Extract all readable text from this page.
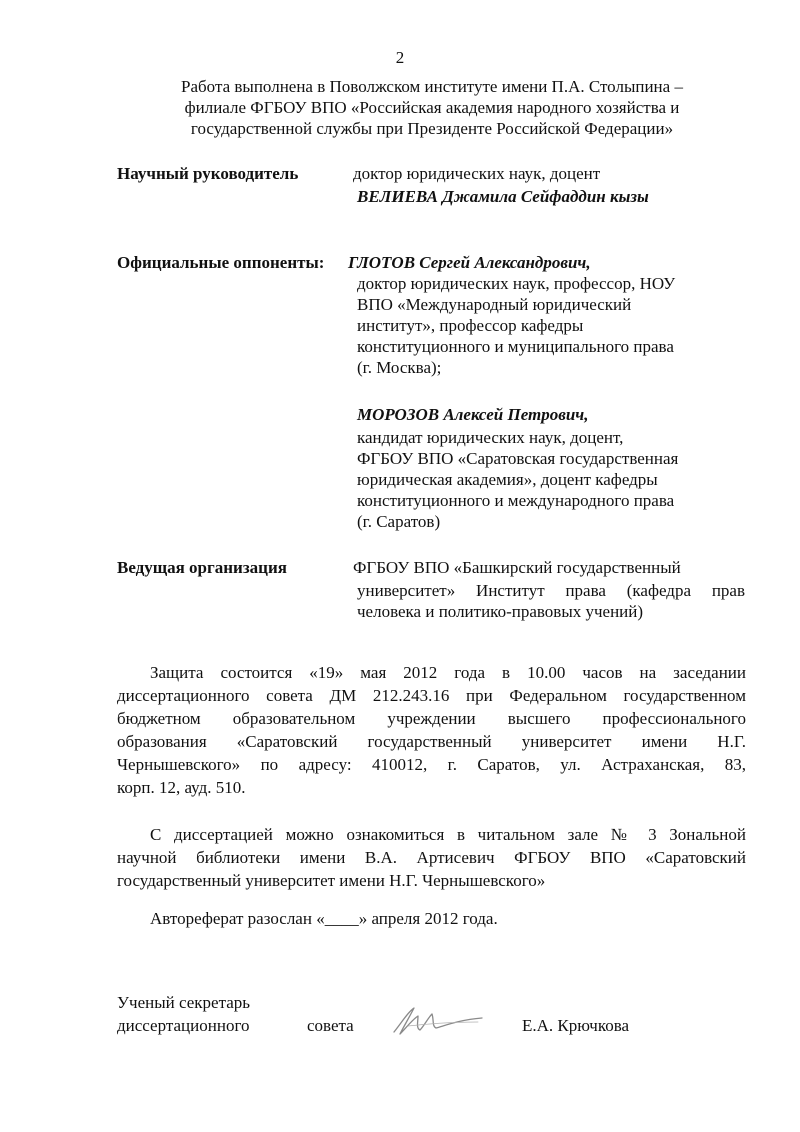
2
Работа выполнена в Поволжском институте имени П.А. Столыпина –
филиале ФГБОУ ВПО «Российская академия народного хозяйства и
государственной службы при Президенте Российской Федерации»
Научный руководитель	доктор юридических наук, доцент
ВЕЛИЕВА Джамила Сейфаддин кызы
Официальные оппоненты: ГЛОТОВ Сергей Александрович,
доктор юридических наук, профессор, НОУ
ВПО «Международный юридический
институт», профессор кафедры
конституционного и муниципального права
(г. Москва);
МОРОЗОВ Алексей Петрович,
кандидат юридических наук, доцент,
ФГБОУ ВПО «Саратовская государственная
юридическая академия», доцент кафедры
конституционного и международного права
(г. Саратов)
Ведущая организация	ФГБОУ ВПО «Башкирский государственный
университет» Институт права (кафедра прав
человека и политико-правовых учений)
Защита состоится «19» мая 2012 года в 10.00 часов на заседании
диссертационного совета ДМ 212.243.16 при Федеральном государственном
бюджетном образовательном учреждении высшего профессионального
образования «Саратовский государственный университет имени Н.Г.
Чернышевского» по адресу: 410012, г. Саратов, ул. Астраханская, 83,
корп. 12, ауд. 510.
С диссертацией можно ознакомиться в читальном зале № 3 Зональной
научной библиотеки имени В.А. Артисевич ФГБОУ ВПО «Саратовский
государственный университет имени Н.Г. Чернышевского»
Автореферат разослан «____» апреля 2012 года.
Ученый секретарь
диссертационного	совета	Е.А. Крючкова
